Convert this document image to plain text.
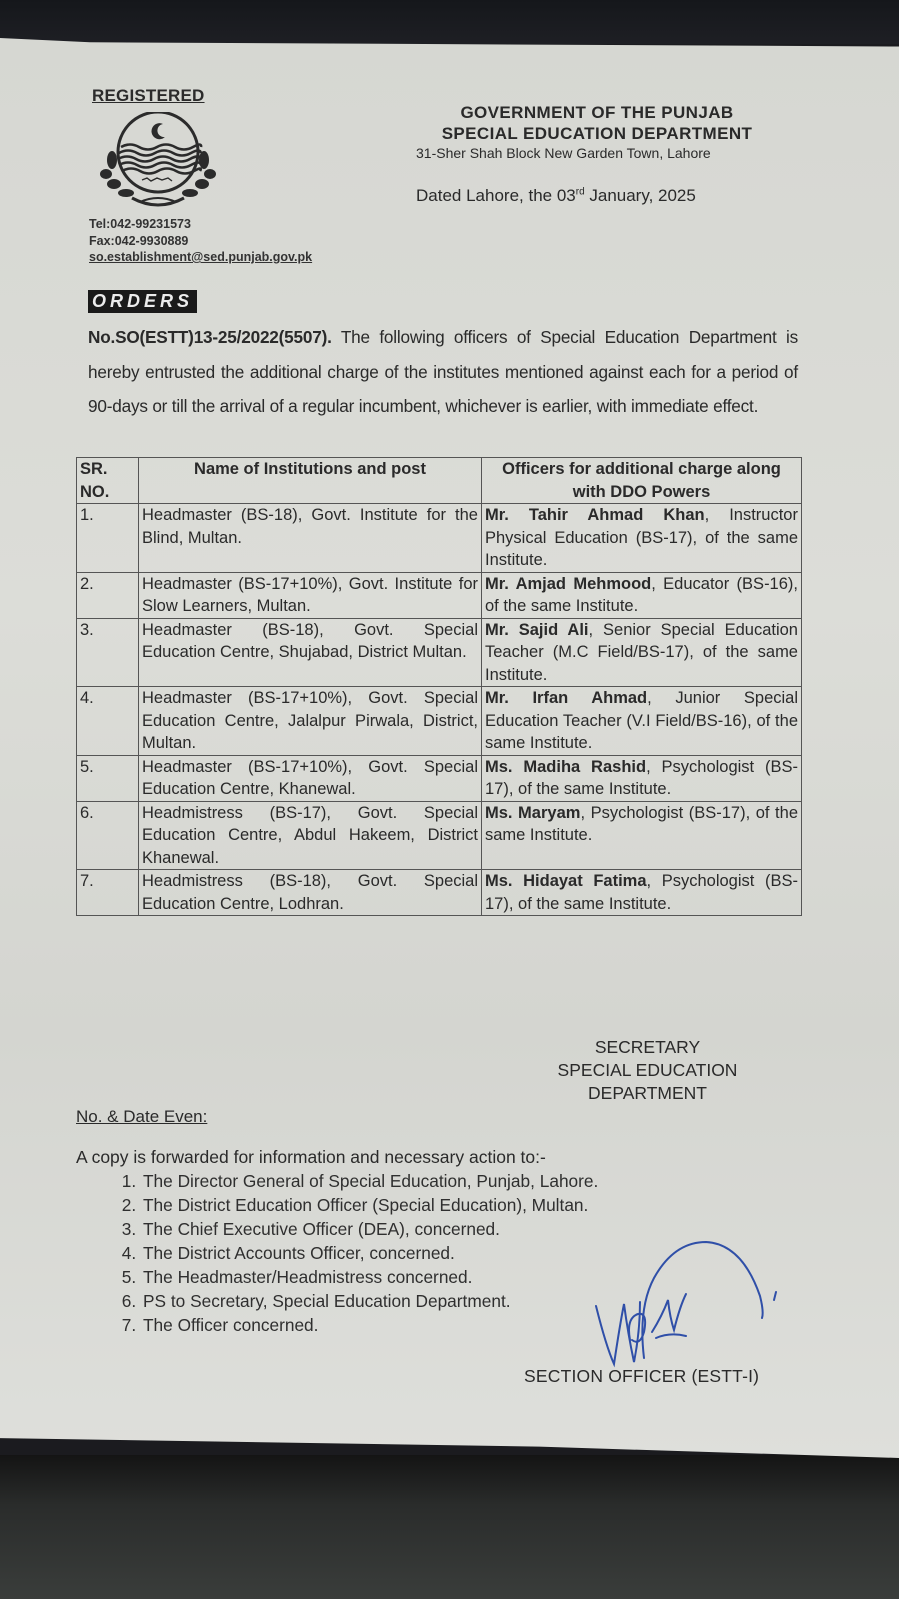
REGISTERED
Tel:042-99231573
Fax:042-9930889
so.establishment@sed.punjab.gov.pk
GOVERNMENT OF THE PUNJAB
SPECIAL EDUCATION DEPARTMENT
31-Sher Shah Block New Garden Town, Lahore
Dated Lahore, the 03rd January, 2025
ORDERS
No.SO(ESTT)13-25/2022(5507). The following officers of Special Education Department is hereby entrusted the additional charge of the institutes mentioned against each for a period of 90-days or till the arrival of a regular incumbent, whichever is earlier, with immediate effect.
SR. NO.	Name of Institutions and post	Officers for additional charge along with DDO Powers
1.	Headmaster (BS-18), Govt. Institute for the Blind, Multan.	Mr. Tahir Ahmad Khan, Instructor Physical Education (BS-17), of the same Institute.
2.	Headmaster (BS-17+10%), Govt. Institute for Slow Learners, Multan.	Mr. Amjad Mehmood, Educator (BS-16), of the same Institute.
3.	Headmaster (BS-18), Govt. Special Education Centre, Shujabad, District Multan.	Mr. Sajid Ali, Senior Special Education Teacher (M.C Field/BS-17), of the same Institute.
4.	Headmaster (BS-17+10%), Govt. Special Education Centre, Jalalpur Pirwala, District, Multan.	Mr. Irfan Ahmad, Junior Special Education Teacher (V.I Field/BS-16), of the same Institute.
5.	Headmaster (BS-17+10%), Govt. Special Education Centre, Khanewal.	Ms. Madiha Rashid, Psychologist (BS-17), of the same Institute.
6.	Headmistress (BS-17), Govt. Special Education Centre, Abdul Hakeem, District Khanewal.	Ms. Maryam, Psychologist (BS-17), of the same Institute.
7.	Headmistress (BS-18), Govt. Special Education Centre, Lodhran.	Ms. Hidayat Fatima, Psychologist (BS-17), of the same Institute.
SECRETARY
SPECIAL EDUCATION
DEPARTMENT
No. & Date Even:
A copy is forwarded for information and necessary action to:-
1. The Director General of Special Education, Punjab, Lahore.
2. The District Education Officer (Special Education), Multan.
3. The Chief Executive Officer (DEA), concerned.
4. The District Accounts Officer, concerned.
5. The Headmaster/Headmistress concerned.
6. PS to Secretary, Special Education Department.
7. The Officer concerned.
SECTION OFFICER (ESTT-I)
